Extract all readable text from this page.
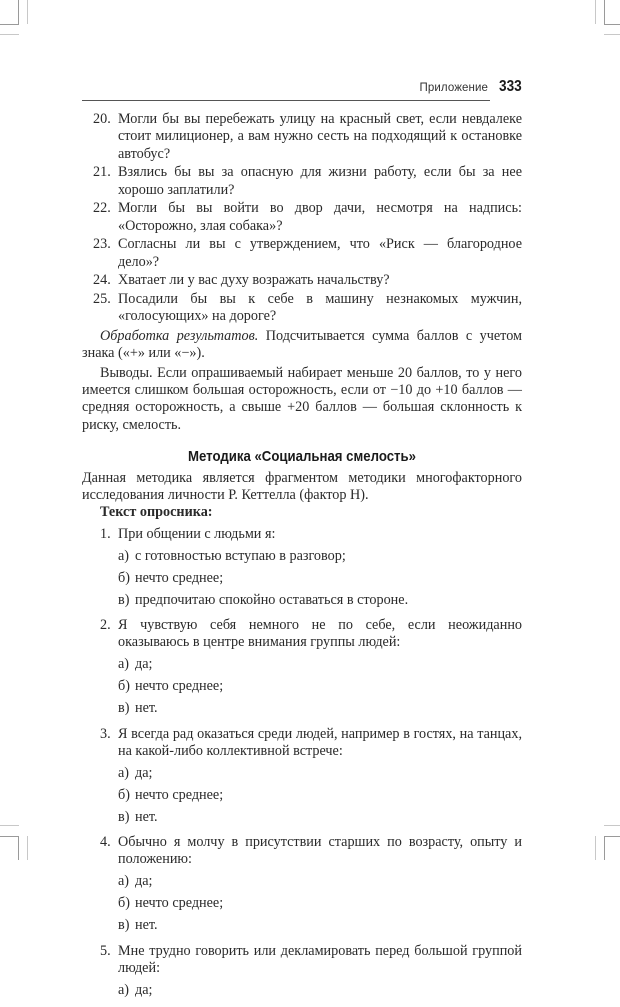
Приложение 333
20. Могли бы вы перебежать улицу на красный свет, если невдалеке стоит милиционер, а вам нужно сесть на подходящий к остановке автобус?
21. Взялись бы вы за опасную для жизни работу, если бы за нее хорошо заплатили?
22. Могли бы вы войти во двор дачи, несмотря на надпись: «Осторожно, злая собака»?
23. Согласны ли вы с утверждением, что «Риск — благородное дело»?
24. Хватает ли у вас духу возражать начальству?
25. Посадили бы вы к себе в машину незнакомых мужчин, «голосующих» на дороге?

Обработка результатов. Подсчитывается сумма баллов с учетом знака («+» или «−»).

Выводы. Если опрашиваемый набирает меньше 20 баллов, то у него имеется слишком большая осторожность, если от −10 до +10 баллов — средняя осторожность, а свыше +20 баллов — большая склонность к риску, смелость.

Методика «Социальная смелость»

Данная методика является фрагментом методики многофакторного исследования личности Р. Кеттелла (фактор Н).

Текст опросника:
1. При общении с людьми я:
а) с готовностью вступаю в разговор;
б) нечто среднее;
в) предпочитаю спокойно оставаться в стороне.
2. Я чувствую себя немного не по себе, если неожиданно оказываюсь в центре внимания группы людей:
а) да;
б) нечто среднее;
в) нет.
3. Я всегда рад оказаться среди людей, например в гостях, на танцах, на какой-либо коллективной встрече:
а) да;
б) нечто среднее;
в) нет.
4. Обычно я молчу в присутствии старших по возрасту, опыту и положению:
а) да;
б) нечто среднее;
в) нет.
5. Мне трудно говорить или декламировать перед большой группой людей:
а) да;
